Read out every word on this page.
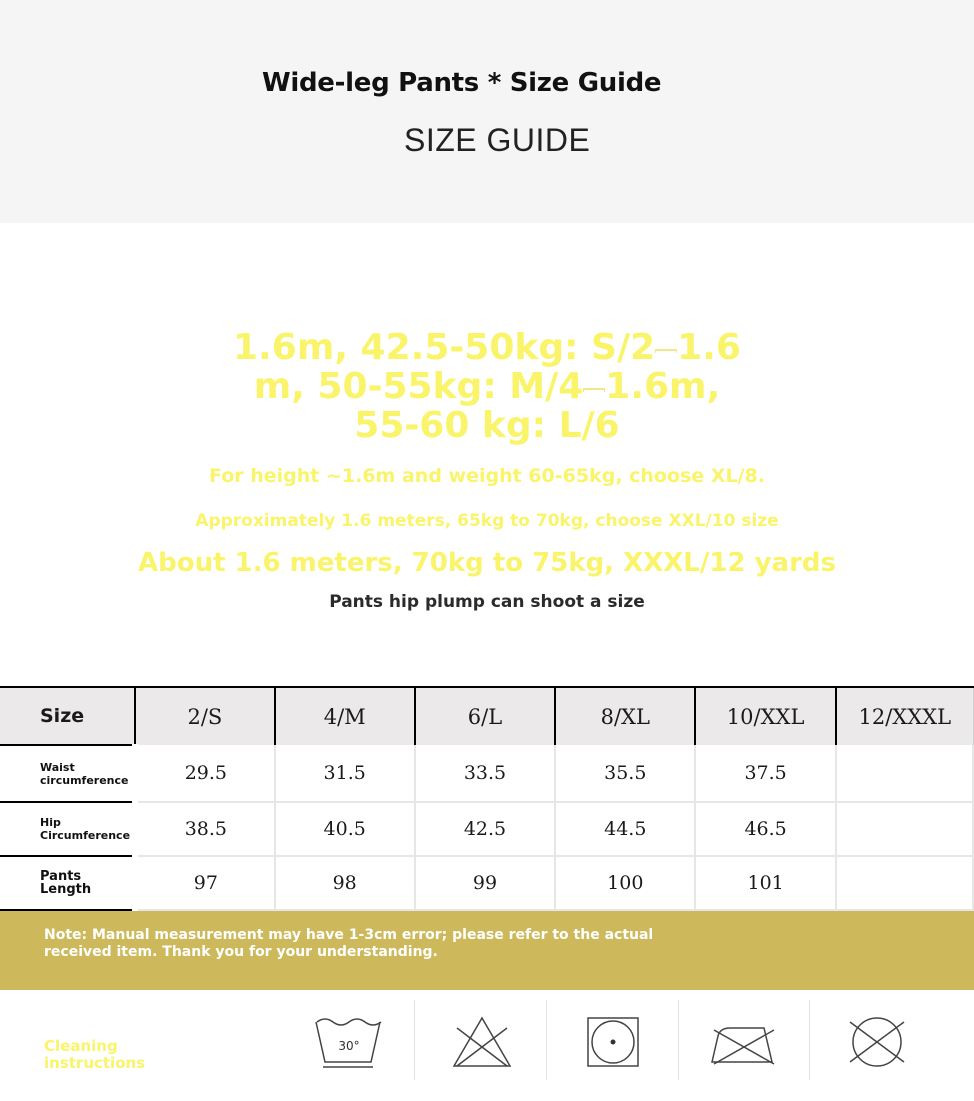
Wide-leg Pants * Size Guide
SIZE GUIDE
1.6m, 42.5-50kg: S/2 1.6 m, 50-55kg: M/4 1.6m, 55-60 kg: L/6
For height ~1.6m and weight 60-65kg, choose XL/8.
Approximately 1.6 meters, 65kg to 70kg, choose XXL/10 size
About 1.6 meters, 70kg to 75kg, XXXL/12 yards
Pants hip plump can shoot a size
Size	2/S	4/M	6/L	8/XL	10/XXL	12/XXXL
Waist circumference	29.5	31.5	33.5	35.5	37.5	
Hip Circumference	38.5	40.5	42.5	44.5	46.5	
Pants Length	97	98	99	100	101	
Note: Manual measurement may have 1-3cm error; please refer to the actual received item. Thank you for your understanding.
Cleaning instructions
30°
